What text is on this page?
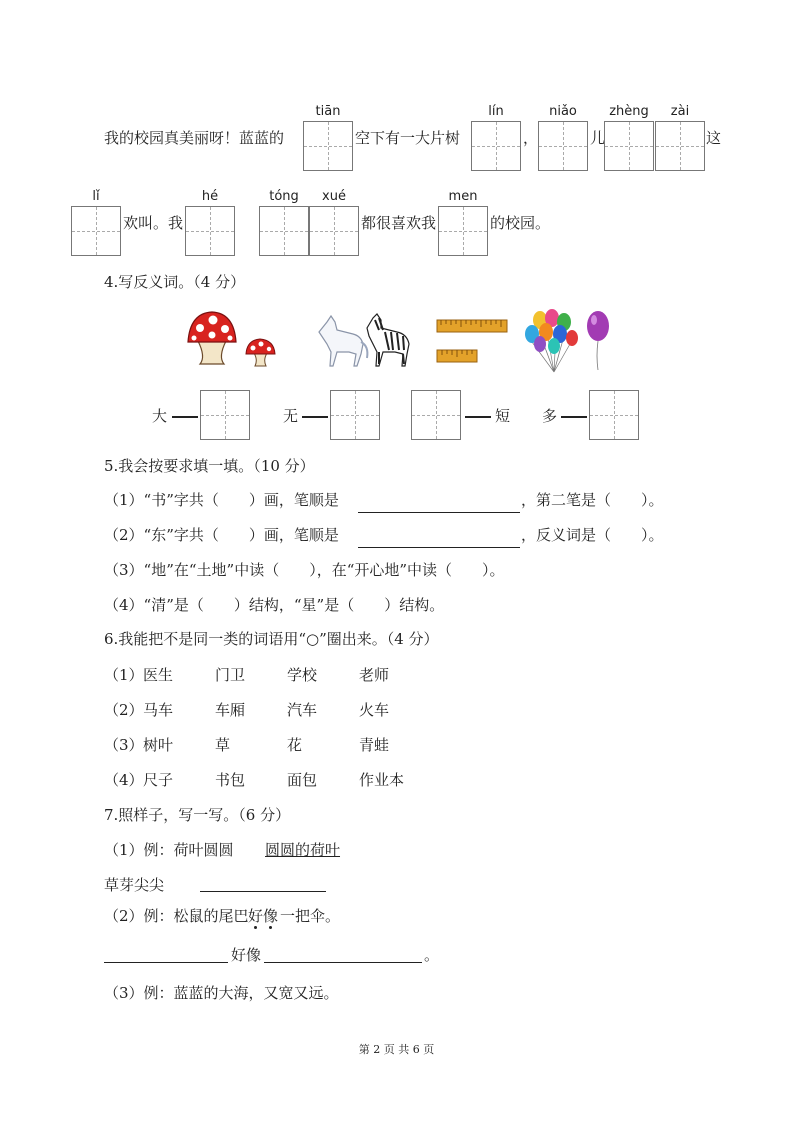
tiān	lín	niǎo	zhèng	zài
我的校园真美丽呀！蓝蓝的	空下有一大片树	，	儿	这
lǐ	hé	tóng	xué	men
欢叫。我	都很喜欢我	的校园。
4.写反义词。（4 分）
大	无	短 多
5.我会按要求填一填。（10 分）
（1）“书”字共（　　）画，笔顺是	，第二笔是（　　）。
（2）“东”字共（　　）画，笔顺是	，反义词是（　　）。
（3）“地”在“土地”中读（　　），在“开心地”中读（　　）。
（4）“清”是（　　）结构，“星”是（　　）结构。
6.我能把不是同一类的词语用“○”圈出来。（4 分）
（1） 医生	门卫	学校	老师
（2） 马车	车厢	汽车	火车
（3） 树叶	草	花	青蛙
（4） 尺子	书包	面包	作业本
7.照样子，写一写。（6 分）
（1）例：荷叶圆圆 圆圆的荷叶
草芽尖尖
（2）例：松鼠的尾巴 好像 一把伞。
好像	。
（3）例：蓝蓝的大海，又宽又远。
第 2 页 共 6 页
